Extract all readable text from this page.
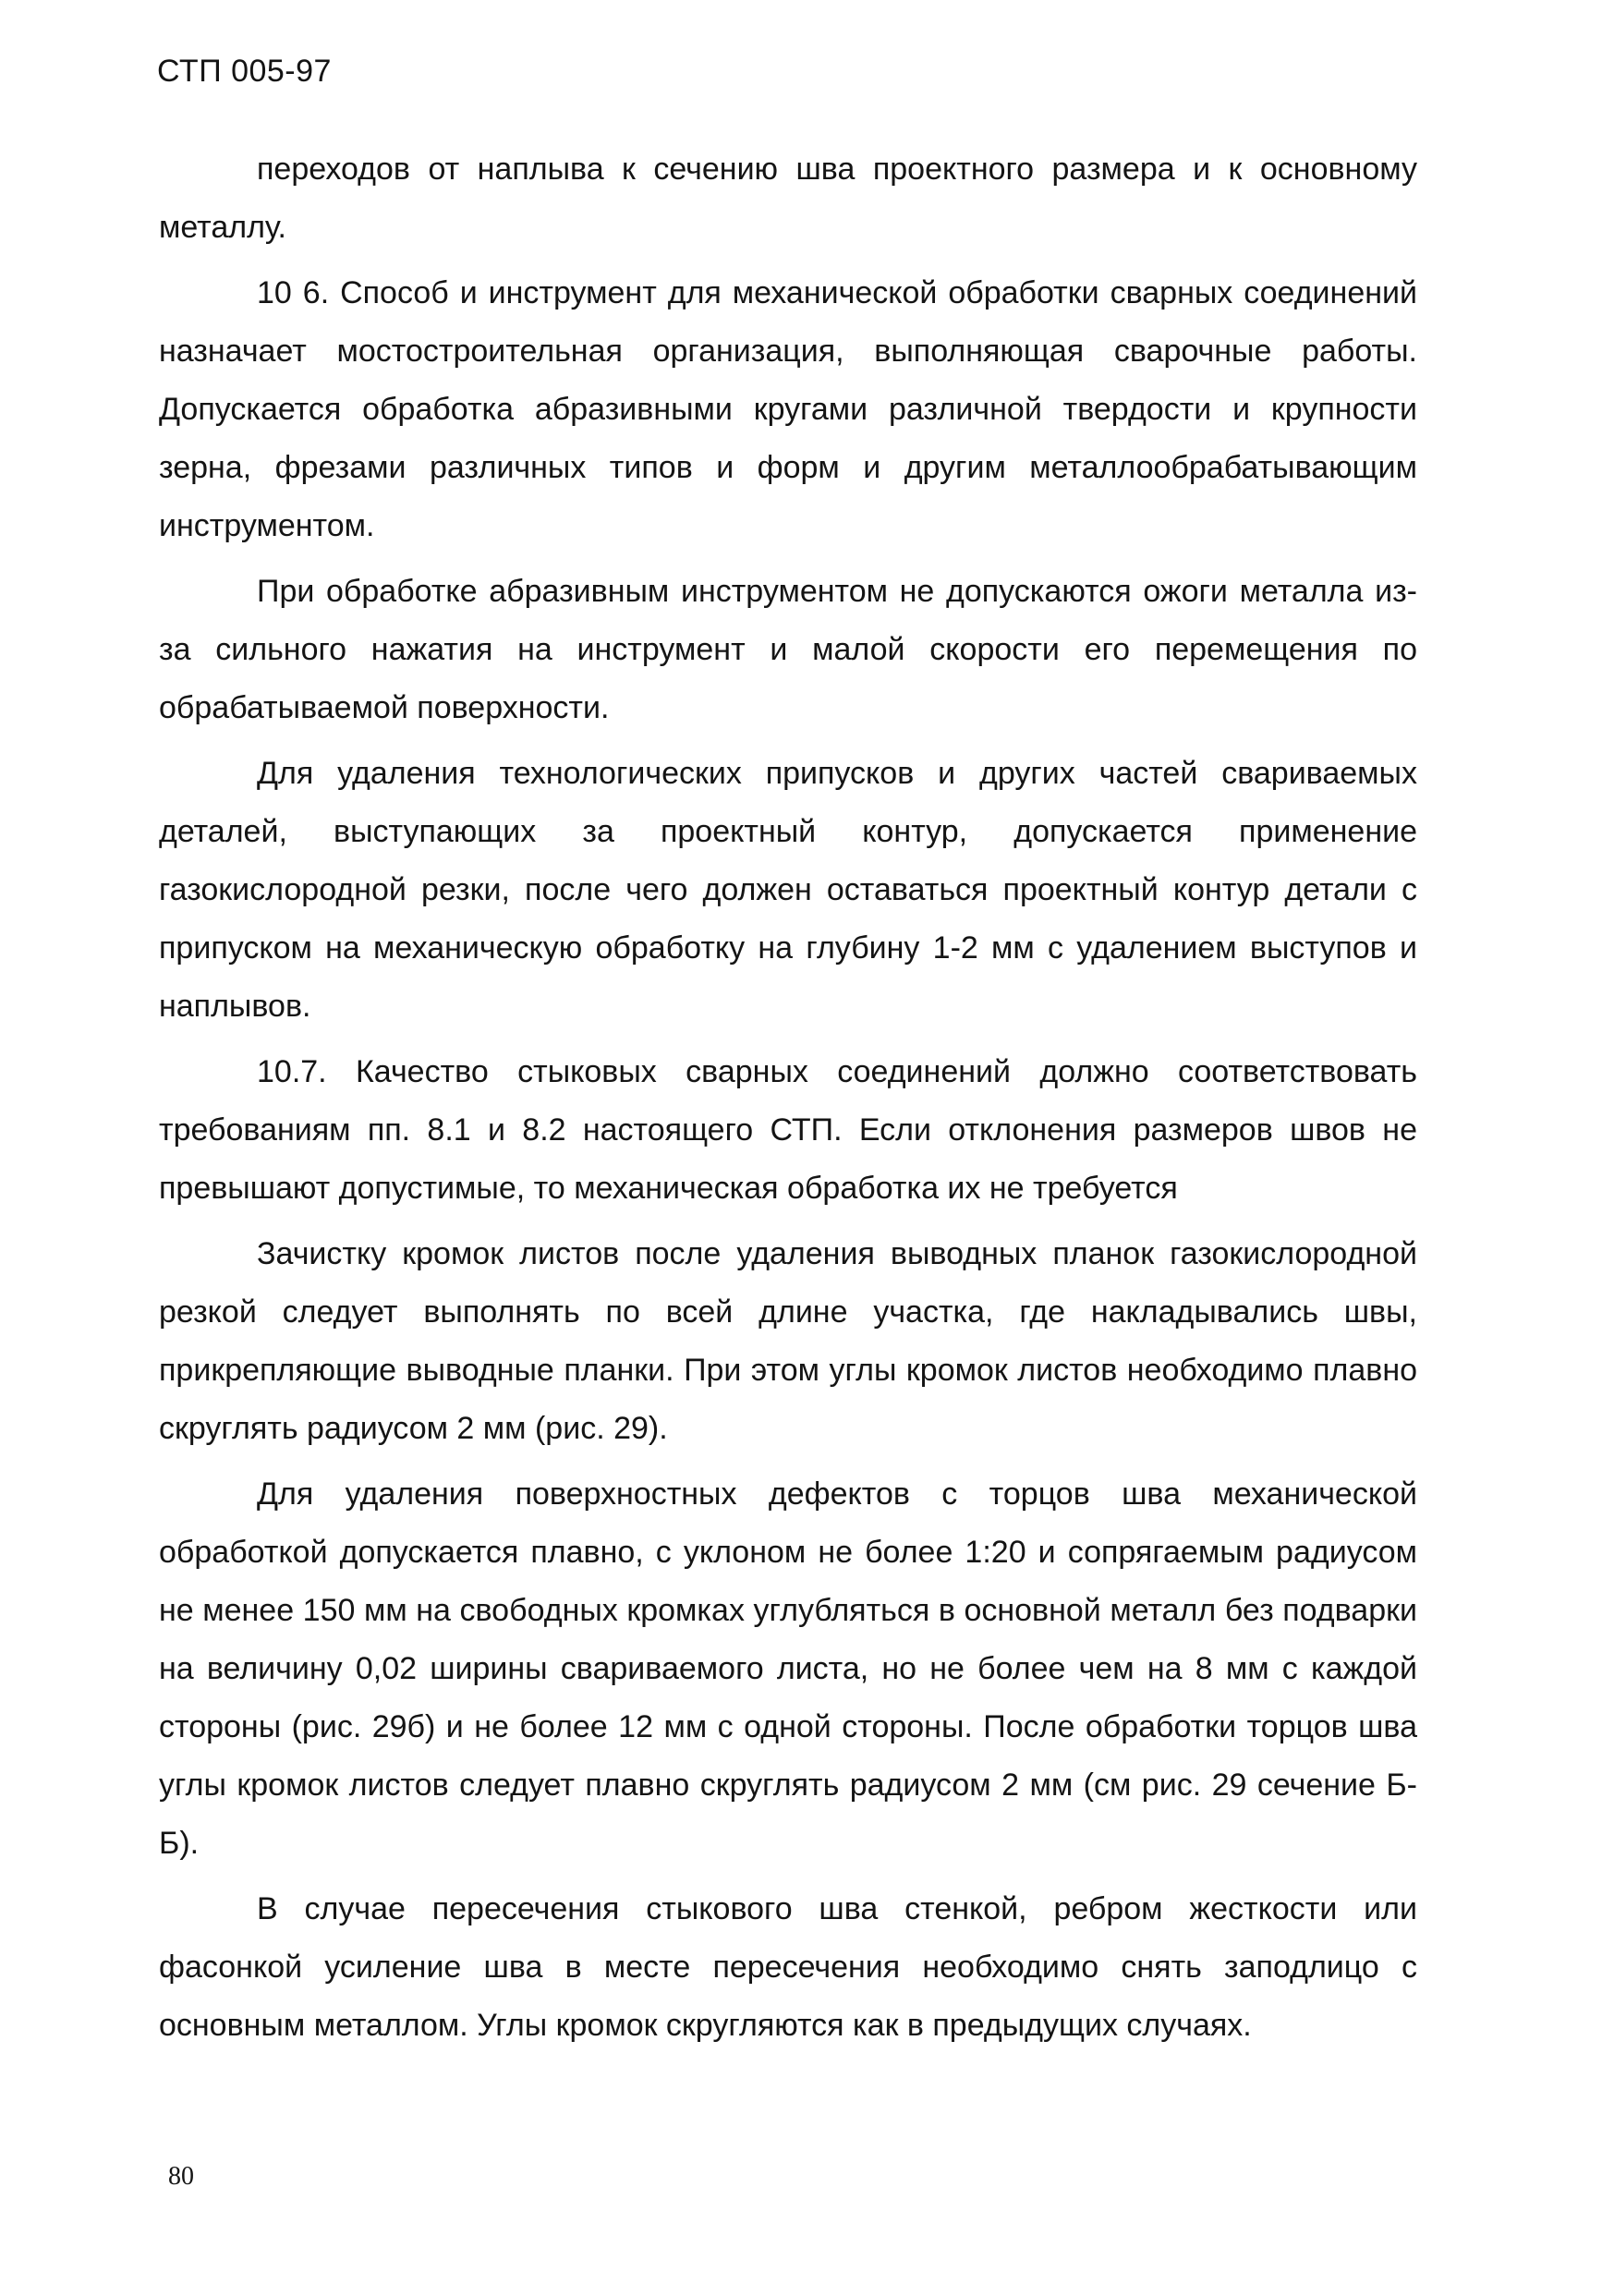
СТП 005-97

переходов от наплыва к сечению шва проектного размера и к основному металлу.

10 6. Способ и инструмент для механической обработки сварных соединений назначает мостостроительная организация, выполняющая сварочные работы. Допускается обработка абразивными кругами различной твердости и крупности зерна, фрезами различных типов и форм и другим металлообрабатывающим инструментом.

При обработке абразивным инструментом не допускаются ожоги металла из-за сильного нажатия на инструмент и малой скорости его перемещения по обрабатываемой поверхности.

Для удаления технологических припусков и других частей свариваемых деталей, выступающих за проектный контур, допускается применение газокислородной резки, после чего должен оставаться проектный контур детали с припуском на механическую обработку на глубину 1-2 мм с удалением выступов и наплывов.

10.7. Качество стыковых сварных соединений должно соответствовать требованиям пп. 8.1 и 8.2 настоящего СТП. Если отклонения размеров швов не превышают допустимые, то механическая обработка их не требуется

Зачистку кромок листов после удаления выводных планок газокислородной резкой следует выполнять по всей длине участка, где накладывались швы, прикрепляющие выводные планки. При этом углы кромок листов необходимо плавно скруглять радиусом 2 мм (рис. 29).

Для удаления поверхностных дефектов с торцов шва механической обработкой допускается плавно, с уклоном не более 1:20 и сопрягаемым радиусом не менее 150 мм на свободных кромках углубляться в основной металл без подварки на величину 0,02 ширины свариваемого листа, но не более чем на 8 мм с каждой стороны (рис. 29б) и не более 12 мм с одной стороны. После обработки торцов шва углы кромок листов следует плавно скруглять радиусом 2 мм (см рис. 29 сечение Б-Б).

В случае пересечения стыкового шва стенкой, ребром жесткости или фасонкой усиление шва в месте пересечения необходимо снять заподлицо с основным металлом. Углы кромок скругляются как в предыдущих случаях.

80
